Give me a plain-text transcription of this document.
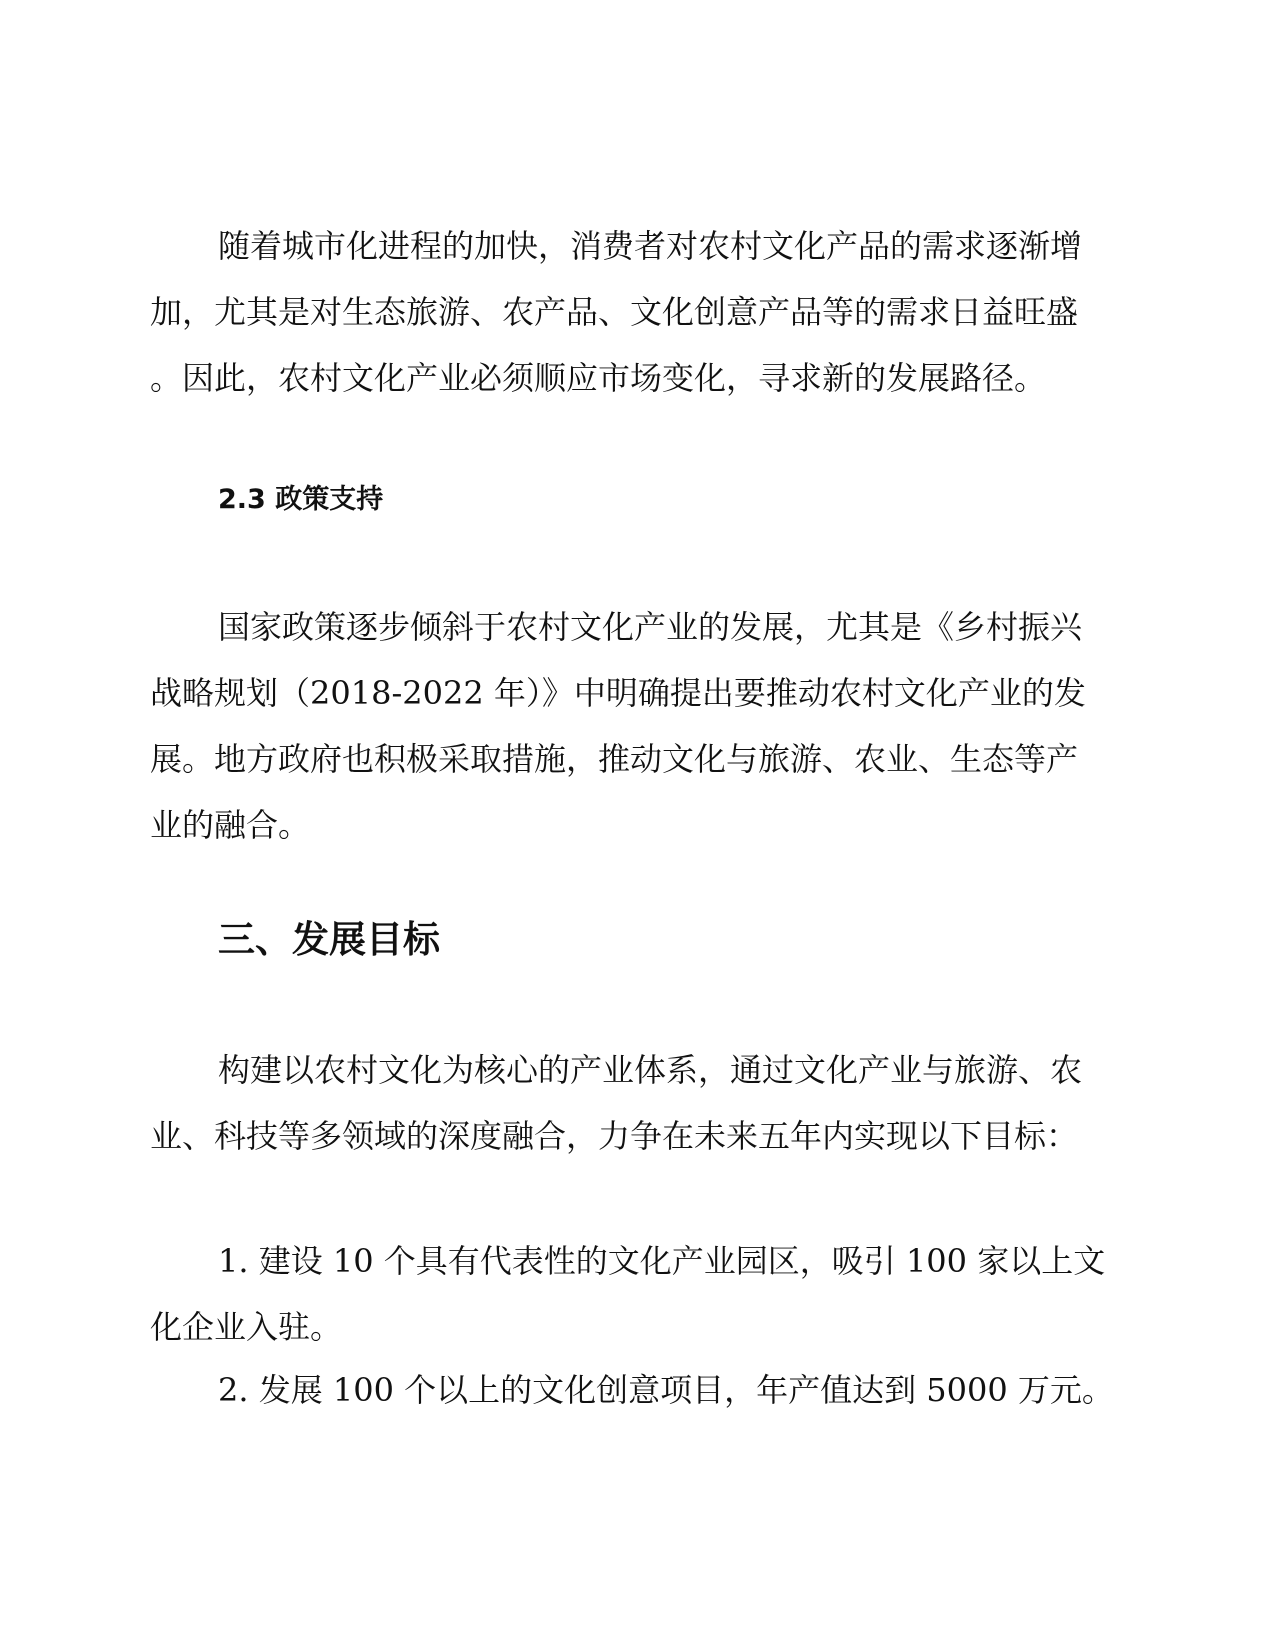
随着城市化进程的加快，消费者对农村文化产品的需求逐渐增
加，尤其是对生态旅游、农产品、文化创意产品等的需求日益旺盛
。因此，农村文化产业必须顺应市场变化，寻求新的发展路径。
2.3 政策支持
国家政策逐步倾斜于农村文化产业的发展，尤其是《乡村振兴
战略规划（2018-2022 年）》中明确提出要推动农村文化产业的发
展。地方政府也积极采取措施，推动文化与旅游、农业、生态等产
业的融合。
三、发展目标
构建以农村文化为核心的产业体系，通过文化产业与旅游、农
业、科技等多领域的深度融合，力争在未来五年内实现以下目标：
1. 建设 10 个具有代表性的文化产业园区，吸引 100 家以上文
化企业入驻。
2. 发展 100 个以上的文化创意项目，年产值达到 5000 万元。
